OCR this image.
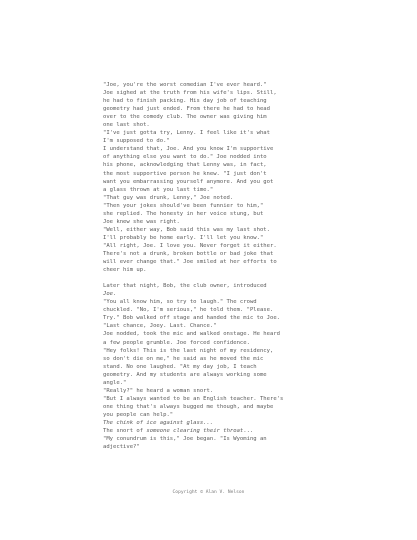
"Joe, you're the worst comedian I've ever heard."
Joe sighed at the truth from his wife's lips. Still,
he had to finish packing. His day job of teaching
geometry had just ended. From there he had to head
over to the comedy club. The owner was giving him
one last shot.
"I've just gotta try, Lenny. I feel like it's what
I'm supposed to do."
I understand that, Joe. And you know I'm supportive
of anything else you want to do." Joe nodded into
his phone, acknowledging that Lenny was, in fact,
the most supportive person he knew. "I just don't
want you embarrassing yourself anymore. And you got
a glass thrown at you last time."
"That guy was drunk, Lenny," Joe noted.
"Then your jokes should've been funnier to him,"
she replied. The honesty in her voice stung, but
Joe knew she was right.
"Well, either way, Bob said this was my last shot.
I'll probably be home early. I'll let you know."
"All right, Joe. I love you. Never forget it either.
There's not a drunk, broken bottle or bad joke that
will ever change that." Joe smiled at her efforts to
cheer him up.
Later that night, Bob, the club owner, introduced
Joe.
"You all know him, so try to laugh." The crowd
chuckled. "No, I'm serious," he told them. "Please.
Try." Bob walked off stage and handed the mic to Joe.
"Last chance, Joey. Last. Chance."
Joe nodded, took the mic and walked onstage. He heard
a few people grumble. Joe forced confidence.
"Hey folks! This is the last night of my residency,
so don't die on me," he said as he moved the mic
stand. No one laughed. "At my day job, I teach
geometry. And my students are always working some
angle."
"Really?" he heard a woman snort.
"But I always wanted to be an English teacher. There's
one thing that's always bugged me though, and maybe
you people can help."
The chink of ice against glass...
The snort of someone clearing their throat...
"My conundrum is this," Joe began. "Is Wyoming an
adjective?"
Copyright © Alan V. Nelson
